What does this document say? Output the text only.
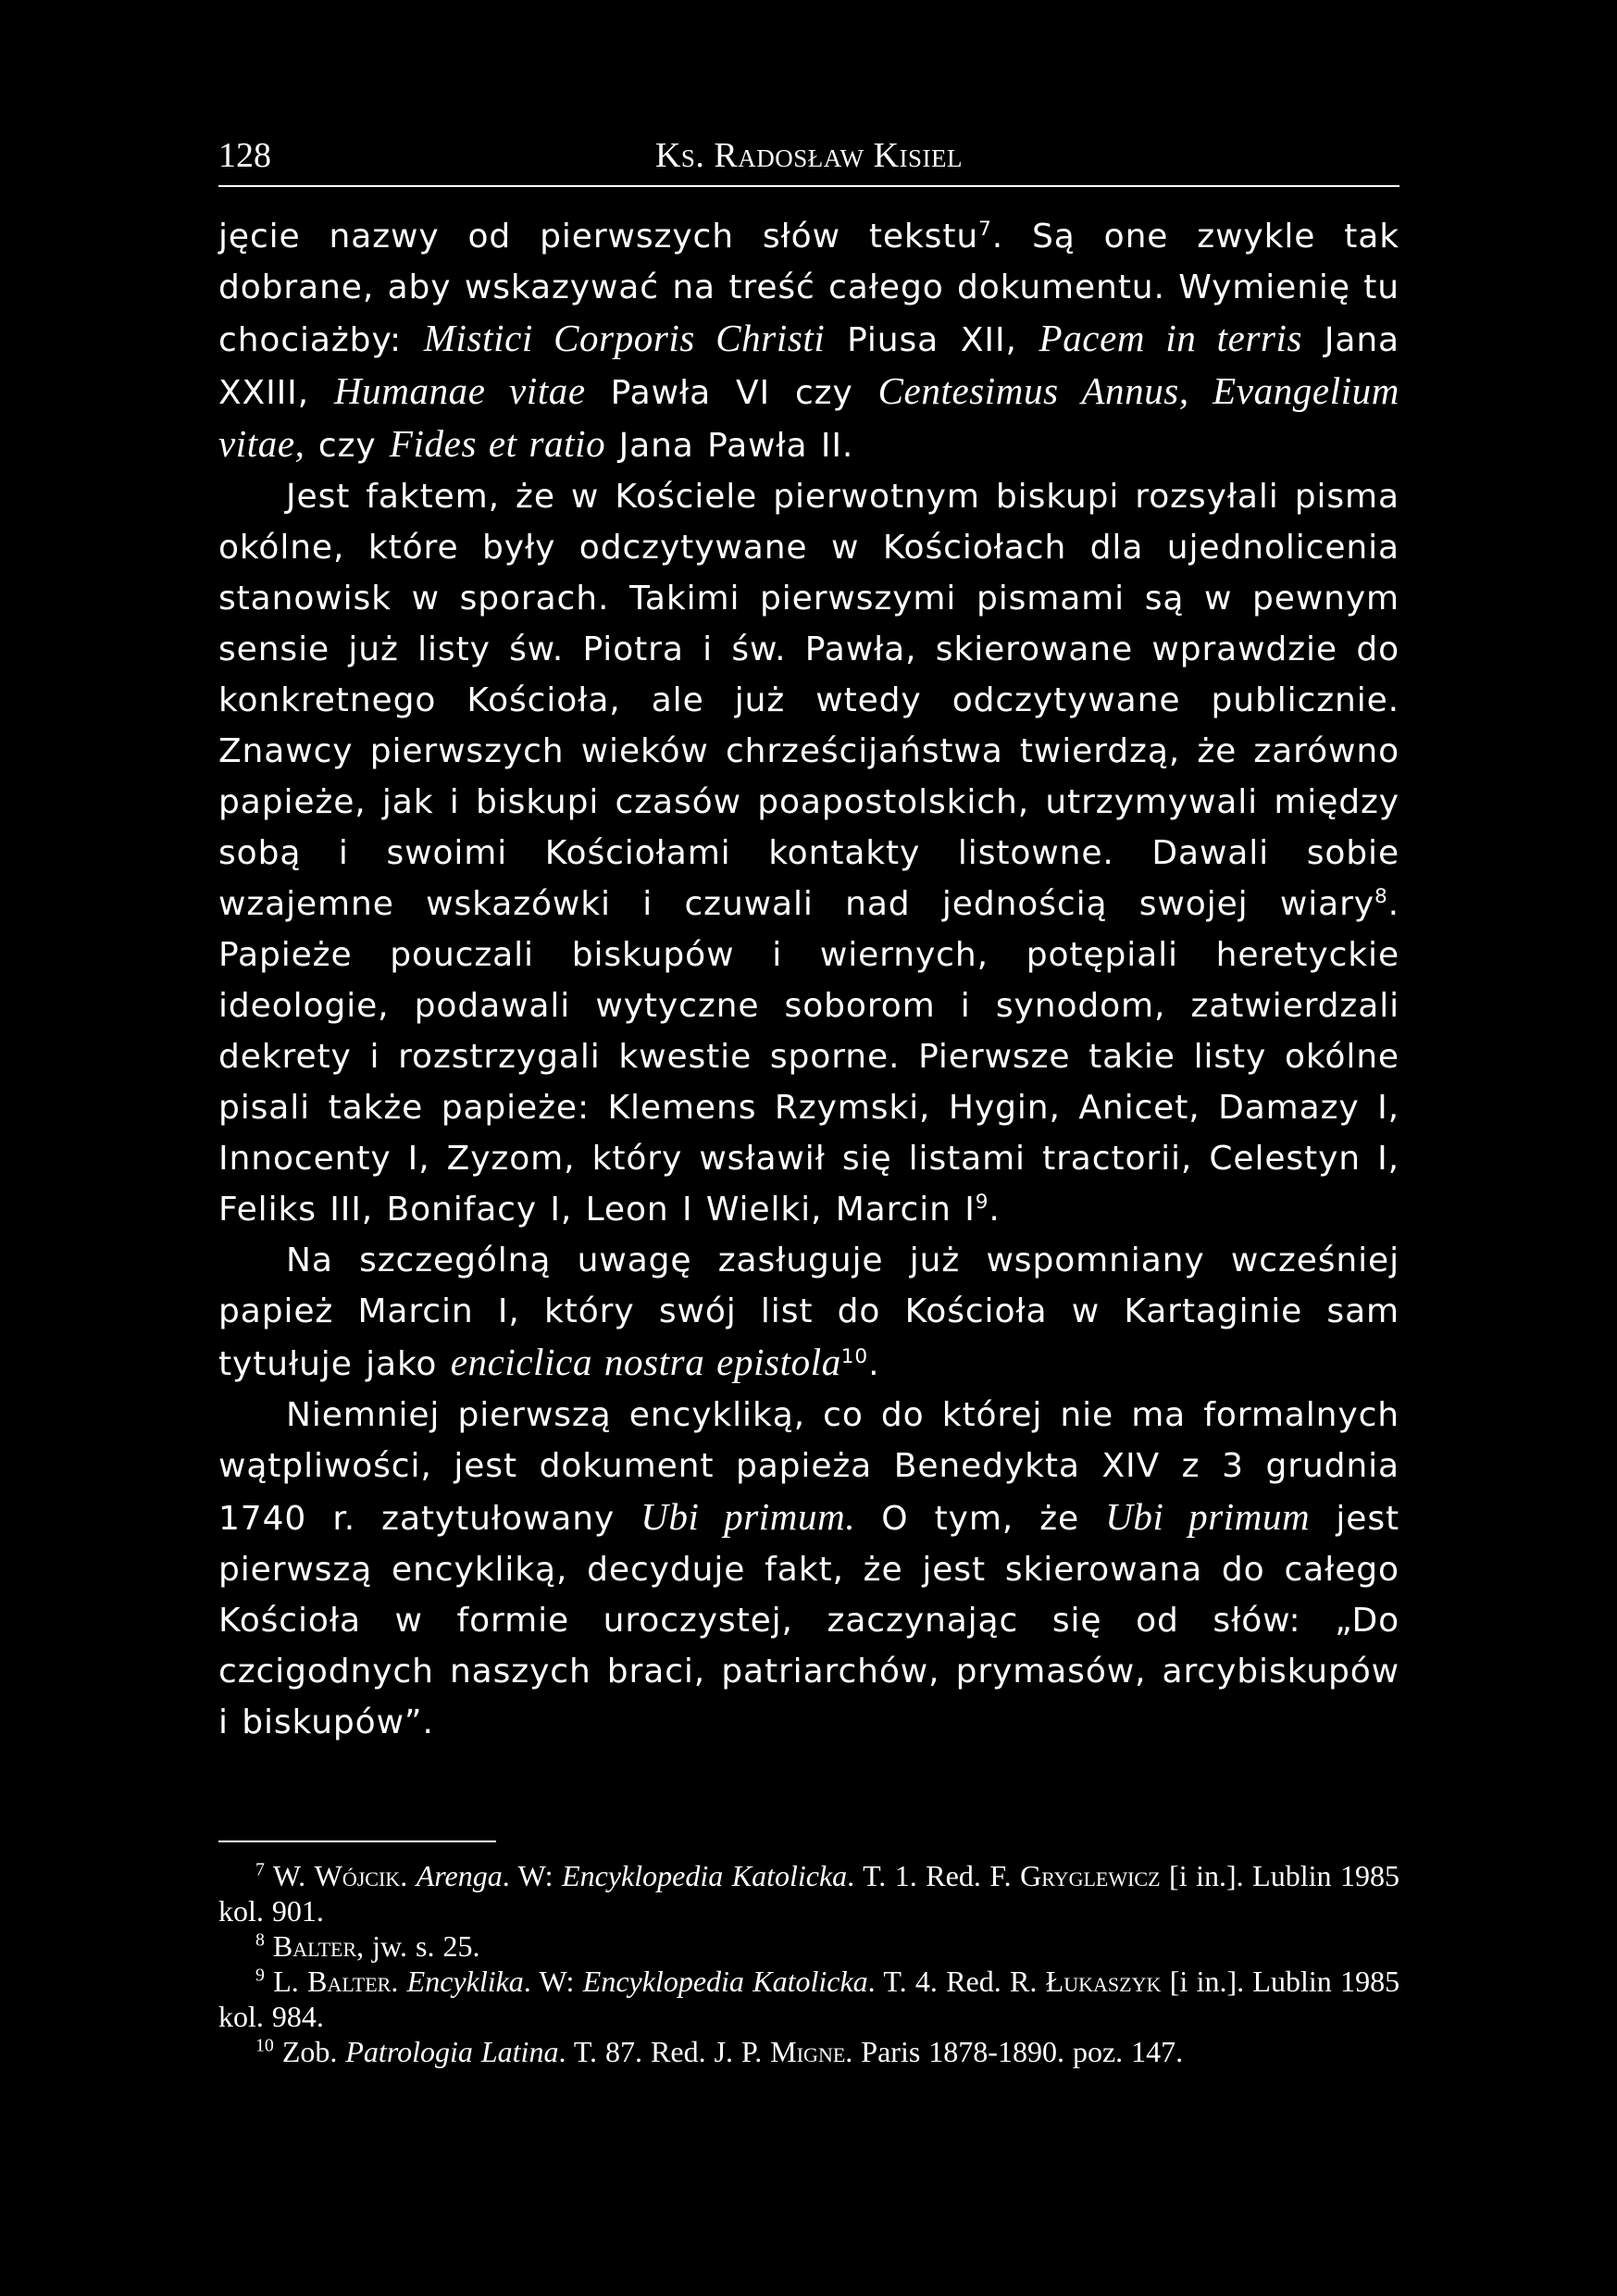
128	Ks. Radosław Kisiel

jęcie nazwy od pierwszych słów tekstu$^7$. Są one zwykle tak dobrane, aby wskazywać na treść całego dokumentu. Wymienię tu chociażby: Mistici Corporis Christi Piusa XII, Pacem in terris Jana XXIII, Humanae vitae Pawła VI czy Centesimus Annus, Evangelium vitae, czy Fides et ratio Jana Pawła II.

Jest faktem, że w Kościele pierwotnym biskupi rozsyłali pisma okólne, które były odczytywane w Kościołach dla ujednolicenia stanowisk w sporach. Takimi pierwszymi pismami są w pewnym sensie już listy św. Piotra i św. Pawła, skierowane wprawdzie do konkretnego Kościoła, ale już wtedy odczytywane publicznie. Znawcy pierwszych wieków chrześcijaństwa twierdzą, że zarówno papieże, jak i biskupi czasów poapostolskich, utrzymywali między sobą i swoimi Kościołami kontakty listowne. Dawali sobie wzajemne wskazówki i czuwali nad jednością swojej wiary$^8$. Papieże pouczali biskupów i wiernych, potępiali heretyckie ideologie, podawali wytyczne soborom i synodom, zatwierdzali dekrety i rozstrzygali kwestie sporne. Pierwsze takie listy okólne pisali także papieże: Klemens Rzymski, Hygin, Anicet, Damazy I, Innocenty I, Zyzom, który wsławił się listami tractorii, Celestyn I, Feliks III, Bonifacy I, Leon I Wielki, Marcin $I^9$.

Na szczególną uwagę zasługuje już wspomniany wcześniej papież Marcin I, który swój list do Kościoła w Kartaginie sam tytułuje jako enciclica nostra epistola$^{10}$.

Niemniej pierwszą encykliką, co do której nie ma formalnych wątpliwości, jest dokument papieża Benedykta XIV z 3 grudnia 1740 r. zatytułowany Ubi primum. O tym, że Ubi primum jest pierwszą encykliką, decyduje fakt, że jest skierowana do całego Kościoła w formie uroczystej, zaczynając się od słów: „Do czcigodnych naszych braci, patriarchów, prymasów, arcybiskupów i biskupów”.

$^7$ W. Wójcik. Arenga. W: Encyklopedia Katolicka. T. 1. Red. F. Gryglewicz [i in.]. Lublin 1985 kol. 901.

$^8$ Balter, jw. s. 25.

$^9$ L. Balter. Encyklika. W: Encyklopedia Katolicka. T. 4. Red. R. Łukaszyk [i in.]. Lublin 1985 kol. 984.

$^{10}$ Zob. Patrologia Latina. T. 87. Red. J. P. Migne. Paris 1878-1890. poz. 147.
